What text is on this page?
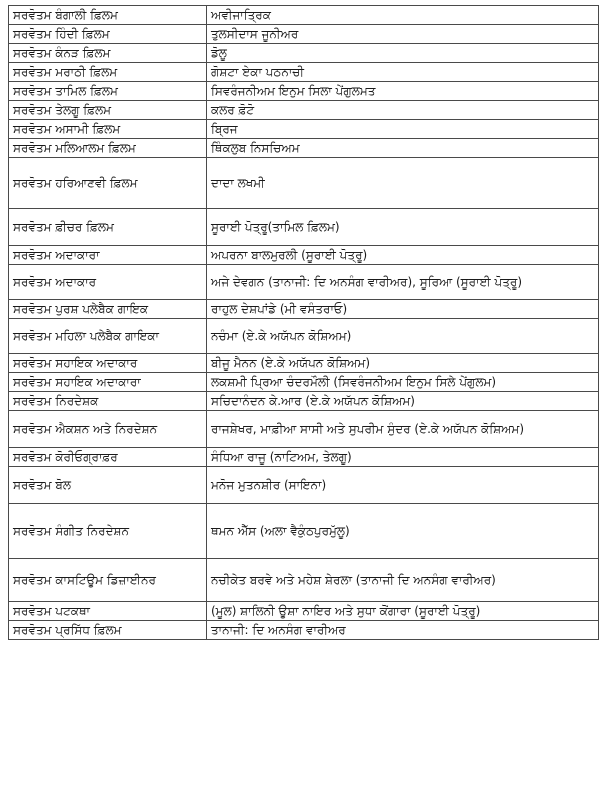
ਸਰਵੋਤਮ ਬੰਗਾਲੀ ਫ਼ਿਲਮ	ਅਵੀਜਾਤ੍ਰਿਕ
ਸਰਵੋਤਮ ਹਿੰਦੀ ਫ਼ਿਲਮ	ਤੁਲਸੀਦਾਸ ਜੂਨੀਅਰ
ਸਰਵੋਤਮ ਕੰਨੜ ਫ਼ਿਲਮ	ਡੋਲੂ
ਸਰਵੋਤਮ ਮਰਾਠੀ ਫ਼ਿਲਮ	ਗੋਸ਼ਟਾ ਏਕਾ ਪਠਨਾਚੀ
ਸਰਵੋਤਮ ਤਾਮਿਲ ਫ਼ਿਲਮ	ਸਿਵਰੰਜਨੀਅਮ ਇਨੁਮ ਸਿਲਾ ਪੇਂਗੁਲਮਤ
ਸਰਵੋਤਮ ਤੇਲਗੂ ਫ਼ਿਲਮ	ਕਲਰ ਫ਼ੋਟੋ
ਸਰਵੋਤਮ ਅਸਾਮੀ ਫ਼ਿਲਮ	ਬ੍ਰਿਜ
ਸਰਵੋਤਮ ਮਲਿਆਲਮ ਫ਼ਿਲਮ	ਥਿੰਕਲੁਬ ਨਿਸਚਿਅਮ
ਸਰਵੋਤਮ ਹਰਿਆਣਵੀ ਫ਼ਿਲਮ	ਦਾਦਾ ਲਖਮੀ
ਸਰਵੋਤਮ ਫ਼ੀਚਰ ਫ਼ਿਲਮ	ਸੂਰਾਈ ਪੋਤ੍ਰੂ(ਤਾਮਿਲ ਫ਼ਿਲਮ)
ਸਰਵੋਤਮ ਅਦਾਕਾਰਾ	ਅਪਰਨਾ ਬਾਲਮੁਰਲੀ (ਸੂਰਾਈ ਪੋਤ੍ਰੂ)
ਸਰਵੋਤਮ ਅਦਾਕਾਰ	ਅਜੇ ਦੇਵਗਨ (ਤਾਨਾਜੀ: ਦਿ ਅਨਸੰਗ ਵਾਰੀਅਰ), ਸੂਰਿਆ (ਸੂਰਾਈ ਪੋਤ੍ਰੂ)
ਸਰਵੋਤਮ ਪੁਰਸ਼ ਪਲੇਬੈਕ ਗਾਇਕ	ਰਾਹੁਲ ਦੇਸ਼ਪਾਂਡੇ (ਮੀ ਵਸੰਤਰਾਓ)
ਸਰਵੋਤਮ ਮਹਿਲਾ ਪਲੇਬੈਕ ਗਾਇਕਾ	ਨਚੰਮਾ (ਏ.ਕੇ ਅਯੱਪਨ ਕੋਸ਼ਿਅਮ)
ਸਰਵੋਤਮ ਸਹਾਇਕ ਅਦਾਕਾਰ	ਬੀਜੂ ਮੈਨਨ (ਏ.ਕੇ ਅਯੱਪਨ ਕੋਸ਼ਿਅਮ)
ਸਰਵੋਤਮ ਸਹਾਇਕ ਅਦਾਕਾਰਾ	ਲਕਸ਼ਮੀ ਪ੍ਰਿਆ ਚੰਦਰਮੌਲੀ (ਸਿਵਰੰਜਨੀਅਮ ਇਨੁਮ ਸਿਲੇ ਪੇਂਗੁਲਮ)
ਸਰਵੋਤਮ ਨਿਰਦੇਸ਼ਕ	ਸਚਿਦਾਨੰਦਨ ਕੇ.ਆਰ (ਏ.ਕੇ ਅਯੱਪਨ ਕੋਸ਼ਿਅਮ)
ਸਰਵੋਤਮ ਐਕਸ਼ਨ ਅਤੇ ਨਿਰਦੇਸ਼ਨ	ਰਾਜਸ਼ੇਖਰ, ਮਾਫ਼ੀਆ ਸਾਸੀ ਅਤੇ ਸੁਪਰੀਮ ਸੁੰਦਰ (ਏ.ਕੇ ਅਯੱਪਨ ਕੋਸ਼ਿਅਮ)
ਸਰਵੋਤਮ ਕੋਰੀਓਗ੍ਰਾਫ਼ਰ	ਸੰਧਿਆ ਰਾਜੂ (ਨਾਟਿਅਮ, ਤੇਲਗੂ)
ਸਰਵੋਤਮ ਬੋਲ	ਮਨੋਜ ਮੁਤਨਸ਼ੀਰ (ਸਾਇਨਾ)
ਸਰਵੋਤਮ ਸੰਗੀਤ ਨਿਰਦੇਸ਼ਨ	ਥਮਨ ਐੱਸ (ਅਲਾ ਵੈਕੁੰਠਪੁਰਮੁੱਲੂ)
ਸਰਵੋਤਮ ਕਾਸਟਿਊਮ ਡਿਜ਼ਾਈਨਰ	ਨਚੀਕੇਤ ਬਰਵੇ ਅਤੇ ਮਹੇਸ਼ ਸ਼ੇਰਲਾ (ਤਾਨਾਜੀ ਦਿ ਅਨਸੰਗ ਵਾਰੀਅਰ)
ਸਰਵੋਤਮ ਪਟਕਥਾ	(ਮੂਲ) ਸ਼ਾਲਿਨੀ ਊਸ਼ਾ ਨਾਇਰ ਅਤੇ ਸੁਧਾ ਕੋਂਗਾਰਾ (ਸੂਰਾਈ ਪੋਤ੍ਰੂ)
ਸਰਵੋਤਮ ਪ੍ਰਸਿੱਧ ਫ਼ਿਲਮ	ਤਾਨਾਜੀ: ਦਿ ਅਨਸੰਗ ਵਾਰੀਅਰ
